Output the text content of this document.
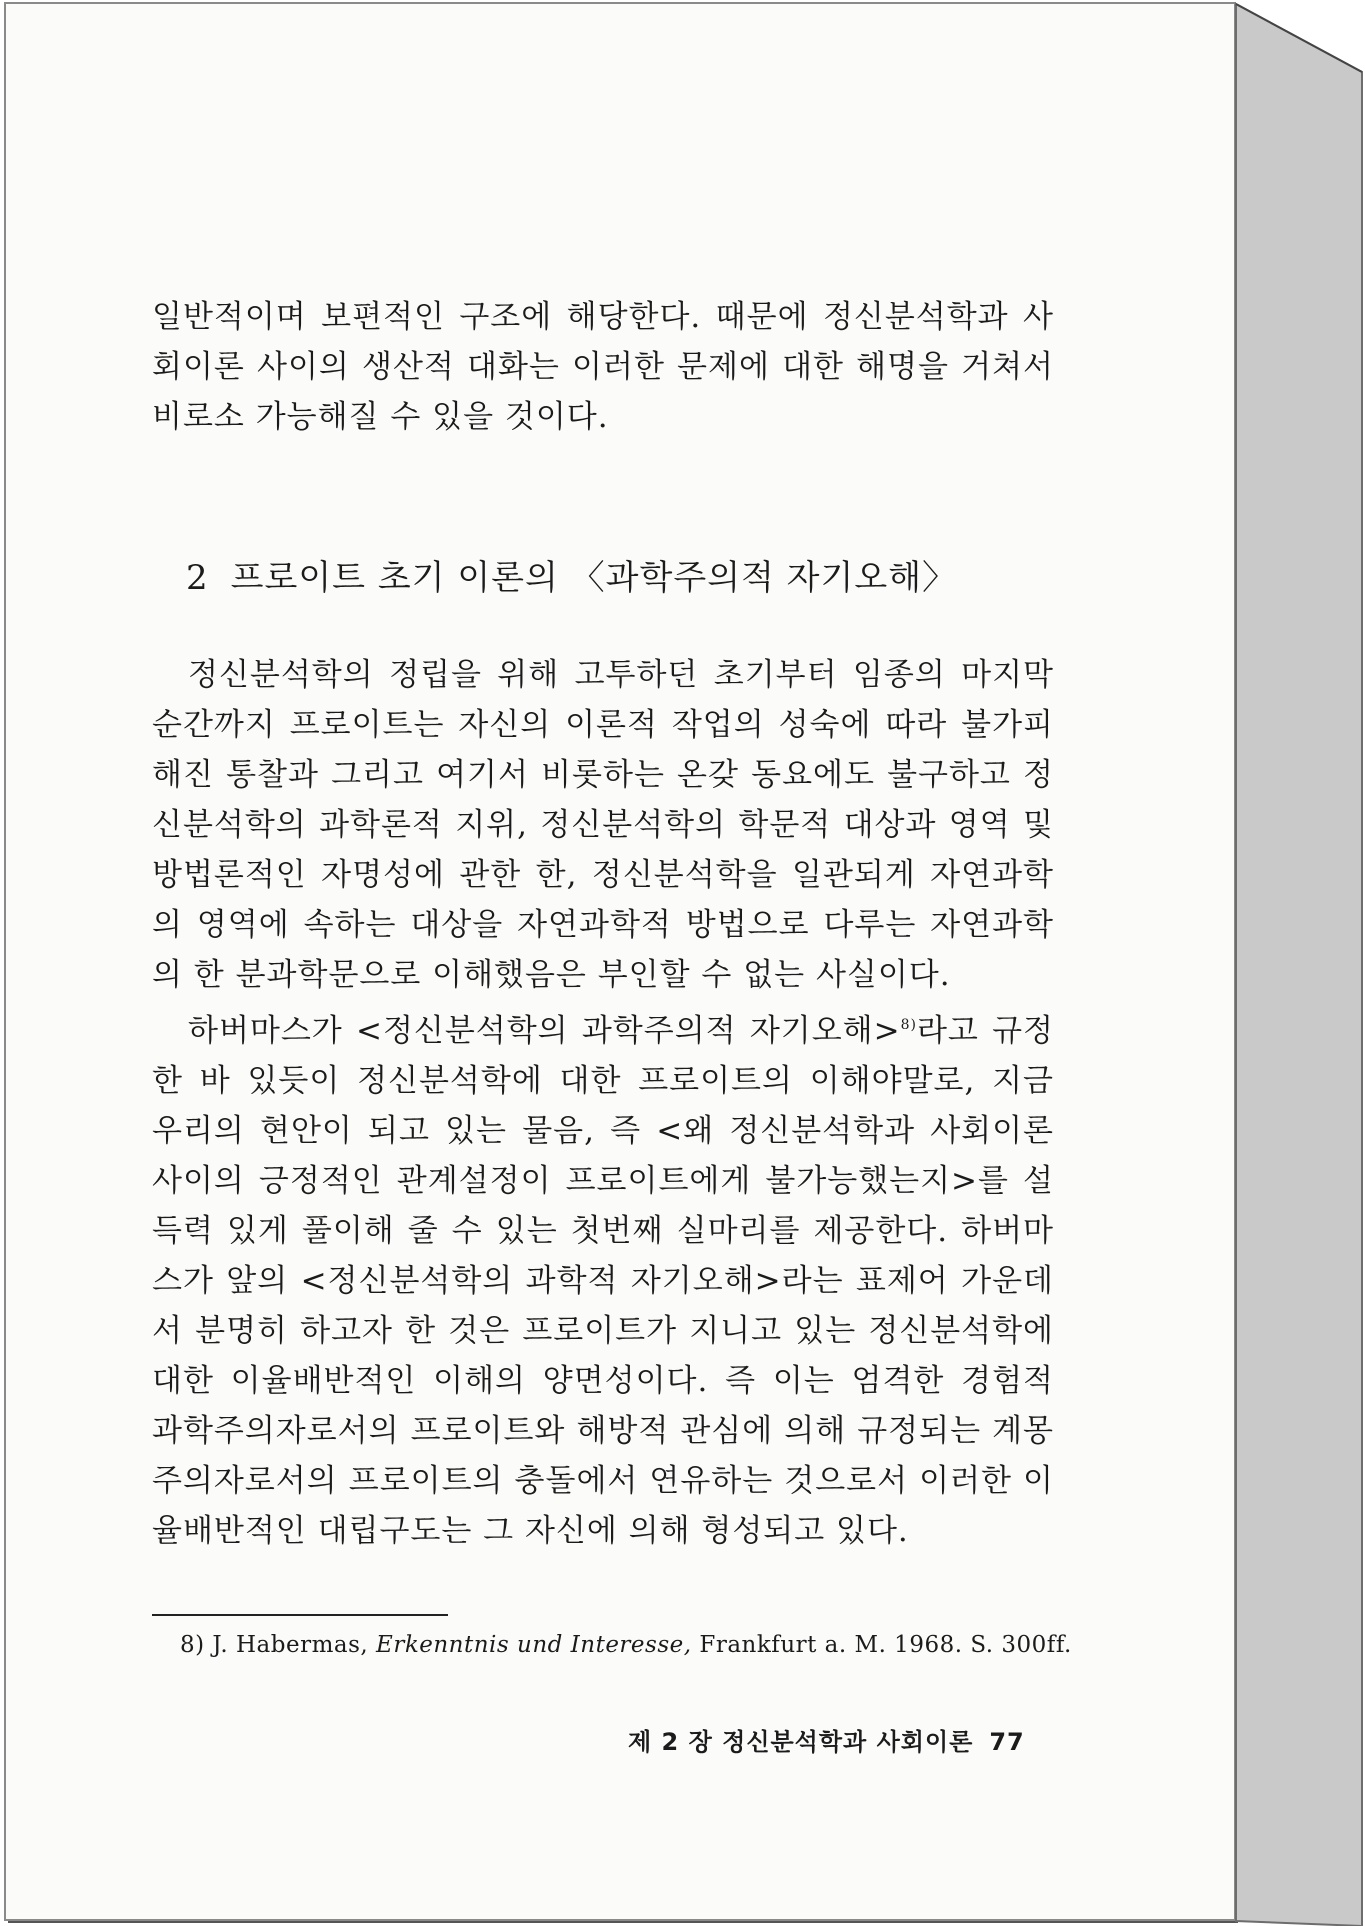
일반적이며 보편적인 구조에 해당한다. 때문에 정신분석학과 사회이론 사이의 생산적 대화는 이러한 문제에 대한 해명을 거쳐서 비로소 가능해질 수 있을 것이다.

2 프로이트 초기 이론의 〈과학주의적 자기오해〉

정신분석학의 정립을 위해 고투하던 초기부터 임종의 마지막 순간까지 프로이트는 자신의 이론적 작업의 성숙에 따라 불가피해진 통찰과 그리고 여기서 비롯하는 온갖 동요에도 불구하고 정신분석학의 과학론적 지위, 정신분석학의 학문적 대상과 영역 및 방법론적인 자명성에 관한 한, 정신분석학을 일관되게 자연과학의 영역에 속하는 대상을 자연과학적 방법으로 다루는 자연과학의 한 분과학문으로 이해했음은 부인할 수 없는 사실이다.

하버마스가 <정신분석학의 과학주의적 자기오해>$^{8)}$라고 규정한 바 있듯이 정신분석학에 대한 프로이트의 이해야말로, 지금 우리의 현안이 되고 있는 물음, 즉 <왜 정신분석학과 사회이론 사이의 긍정적인 관계설정이 프로이트에게 불가능했는지>를 설득력 있게 풀이해 줄 수 있는 첫번째 실마리를 제공한다. 하버마스가 앞의 <정신분석학의 과학적 자기오해>라는 표제어 가운데서 분명히 하고자 한 것은 프로이트가 지니고 있는 정신분석학에 대한 이율배반적인 이해의 양면성이다. 즉 이는 엄격한 경험적 과학주의자로서의 프로이트와 해방적 관심에 의해 규정되는 계몽주의자로서의 프로이트의 충돌에서 연유하는 것으로서 이러한 이율배반적인 대립구도는 그 자신에 의해 형성되고 있다.

8) J. Habermas, Erkenntnis und Interesse, Frankfurt a. M. 1968. S. 300ff.
제 2 장 정신분석학과 사회이론 77
